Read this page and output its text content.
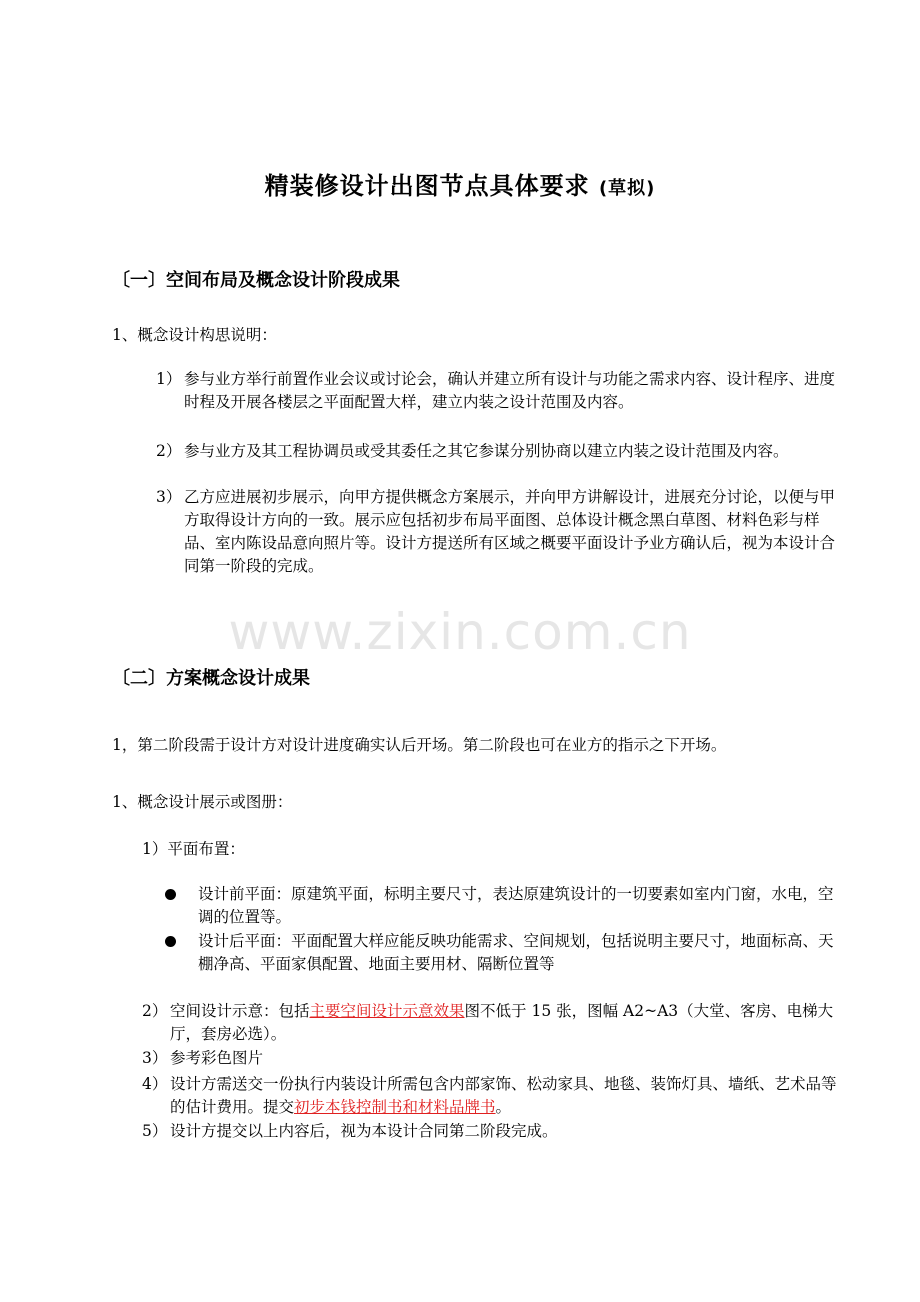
www.zixin.com.cn
精装修设计出图节点具体要求 (草拟)
〔一〕空间布局及概念设计阶段成果
1、概念设计构思说明：
1） 参与业方举行前置作业会议或讨论会，确认并建立所有设计与功能之需求内容、设计程序、进度时程及开展各楼层之平面配置大样，建立内装之设计范围及内容。
2） 参与业方及其工程协调员或受其委任之其它参谋分别协商以建立内装之设计范围及内容。
3） 乙方应进展初步展示，向甲方提供概念方案展示，并向甲方讲解设计，进展充分讨论，以便与甲方取得设计方向的一致。展示应包括初步布局平面图、总体设计概念黑白草图、材料色彩与样品、室内陈设品意向照片等。设计方提送所有区域之概要平面设计予业方确认后，视为本设计合同第一阶段的完成。
〔二〕方案概念设计成果
1，第二阶段需于设计方对设计进度确实认后开场。第二阶段也可在业方的指示之下开场。
1、概念设计展示或图册：
1）平面布置：
设计前平面：原建筑平面，标明主要尺寸，表达原建筑设计的一切要素如室内门窗，水电，空调的位置等。
设计后平面：平面配置大样应能反映功能需求、空间规划，包括说明主要尺寸，地面标高、天棚净高、平面家俱配置、地面主要用材、隔断位置等
2） 空间设计示意：包括主要空间设计示意效果图不低于 15 张，图幅 A2~A3（大堂、客房、电梯大厅，套房必选）。
3） 参考彩色图片
4） 设计方需送交一份执行内装设计所需包含内部家饰、松动家具、地毯、装饰灯具、墙纸、艺术品等的估计费用。提交初步本钱控制书和材料品牌书。
5） 设计方提交以上内容后，视为本设计合同第二阶段完成。
